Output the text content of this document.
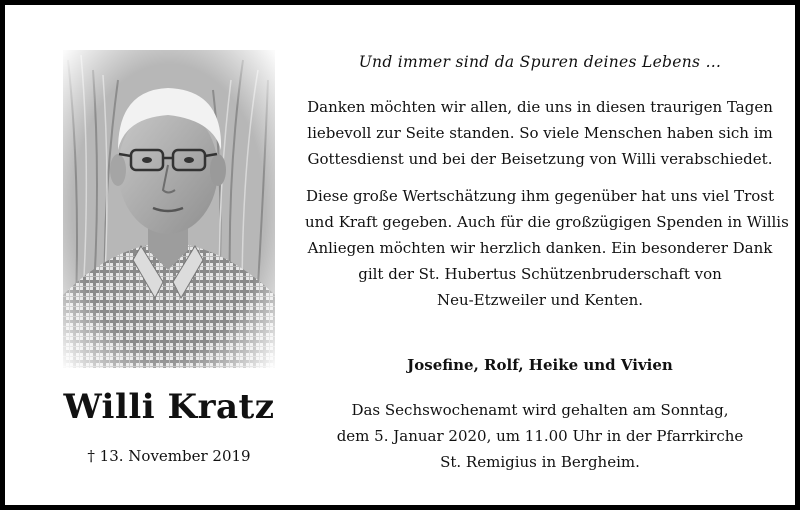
Willi Kratz
† 13. November 2019
Und immer sind da Spuren deines Lebens …
Danken möchten wir allen, die uns in diesen traurigen Tagen
liebevoll zur Seite standen. So viele Menschen haben sich im
Gottesdienst und bei der Beisetzung von Willi verabschiedet.
Diese große Wertschätzung ihm gegenüber hat uns viel Trost
und Kraft gegeben. Auch für die großzügigen Spenden in Willis
Anliegen möchten wir herzlich danken. Ein besonderer Dank
gilt der St. Hubertus Schützenbruderschaft von
Neu-Etzweiler und Kenten.
Josefine, Rolf, Heike und Vivien
Das Sechswochenamt wird gehalten am Sonntag,
dem 5. Januar 2020, um 11.00 Uhr in der Pfarrkirche
St. Remigius in Bergheim.
